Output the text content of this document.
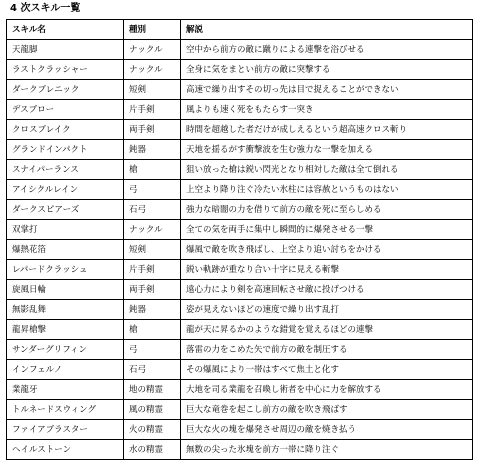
4 次スキル一覧
スキル名	種別	解説
天龍脚	ナックル	空中から前方の敵に蹴りによる連撃を浴びせる
ラストクラッシャー	ナックル	全身に気をまとい前方の敵に突撃する
ダークブレニック	短剣	高速で繰り出すその切っ先は目で捉えることができない
デスブロー	片手剣	風よりも速く死をもたらす一突き
クロスブレイク	両手剣	時間を超越した者だけが成しえるという超高速クロス斬り
グランドインパクト	鈍器	天地を揺るがす衝撃波を生む強力な一撃を加える
スナイパーランス	槍	狙い放った槍は鋭い閃光となり相対した敵は全て倒れる
アイシクルレイン	弓	上空より降り注ぐ冷たい氷柱には容赦というものはない
ダークスピアーズ	石弓	強力な暗闇の力を借りて前方の敵を死に至らしめる
双掌打	ナックル	全ての気を両手に集中し瞬間的に爆発させる一撃
爆熱花箔	短剣	爆風で敵を吹き飛ばし、上空より追い討ちをかける
レパードクラッシュ	片手剣	鋭い軌跡が重なり合い十字に見える斬撃
旋風日輪	両手剣	遠心力により剣を高速回転させ敵に投げつける
無影乱舞	鈍器	姿が見えないほどの速度で繰り出す乱打
龍昇槍撃	槍	龍が天に昇るかのような錯覚を覚えるほどの連撃
サンダーグリフィン	弓	落雷の力をこめた矢で前方の敵を制圧する
インフェルノ	石弓	その爆風により一帯はすべて焦土と化す
業龍牙	地の精霊	大地を司る業龍を召喚し術者を中心に力を解放する
トルネードスウィング	風の精霊	巨大な竜巻を起こし前方の敵を吹き飛ばす
ファイアブラスター	火の精霊	巨大な火の塊を爆発させ周辺の敵を焼き払う
ヘイルストーン	水の精霊	無数の尖った氷塊を前方一帯に降り注ぐ
